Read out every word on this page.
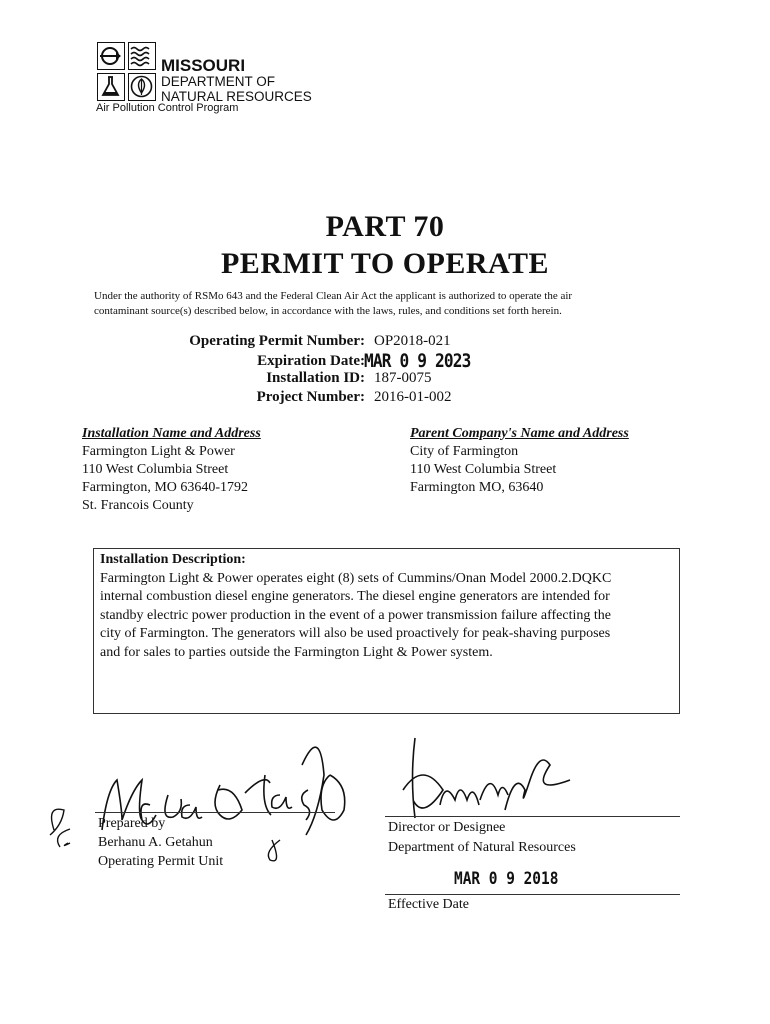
MISSOURI
DEPARTMENT OF
NATURAL RESOURCES
Air Pollution Control Program
PART 70
PERMIT TO OPERATE
Under the authority of RSMo 643 and the Federal Clean Air Act the applicant is authorized to operate the air
contaminant source(s) described below, in accordance with the laws, rules, and conditions set forth herein.
Operating Permit Number: OP2018-021
Expiration Date: MAR 0 9 2023
Installation ID: 187-0075
Project Number: 2016-01-002
Installation Name and Address
Farmington Light & Power
110 West Columbia Street
Farmington, MO 63640-1792
St. Francois County
Parent Company's Name and Address
City of Farmington
110 West Columbia Street
Farmington MO, 63640
Installation Description:
Farmington Light & Power operates eight (8) sets of Cummins/Onan Model 2000.2.DQKC
internal combustion diesel engine generators. The diesel engine generators are intended for
standby electric power production in the event of a power transmission failure affecting the
city of Farmington. The generators will also be used proactively for peak-shaving purposes
and for sales to parties outside the Farmington Light & Power system.
Prepared by
Berhanu A. Getahun
Operating Permit Unit
Director or Designee
Department of Natural Resources
MAR 0 9 2018
Effective Date
